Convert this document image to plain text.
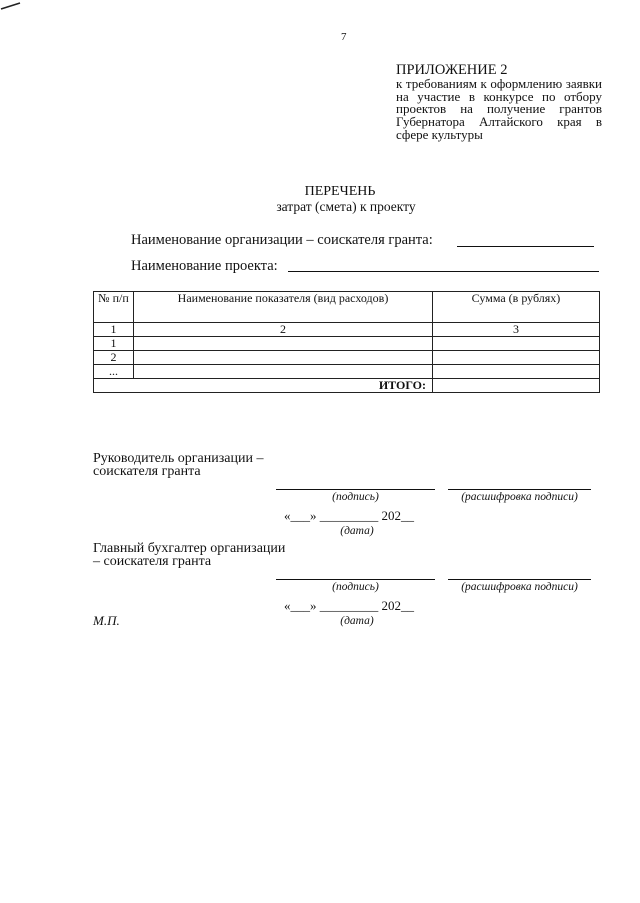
7
ПРИЛОЖЕНИЕ 2
к требованиям к оформлению заявки на участие в конкурсе по отбору проектов на получение грантов Губернатора Алтайского края в сфере культуры
ПЕРЕЧЕНЬ
затрат (смета) к проекту
Наименование организации – соискателя гранта:
Наименование проекта:
№ п/п	Наименование показателя (вид расходов)	Сумма (в рублях)
1	2	3
1		
2		
...		
ИТОГО:		
Руководитель организации – соискателя гранта
(подпись)	(расшифровка подписи)
«___» _________ 202__
(дата)
Главный бухгалтер организации – соискателя гранта
(подпись)	(расшифровка подписи)
«___» _________ 202__
(дата)
М.П.
